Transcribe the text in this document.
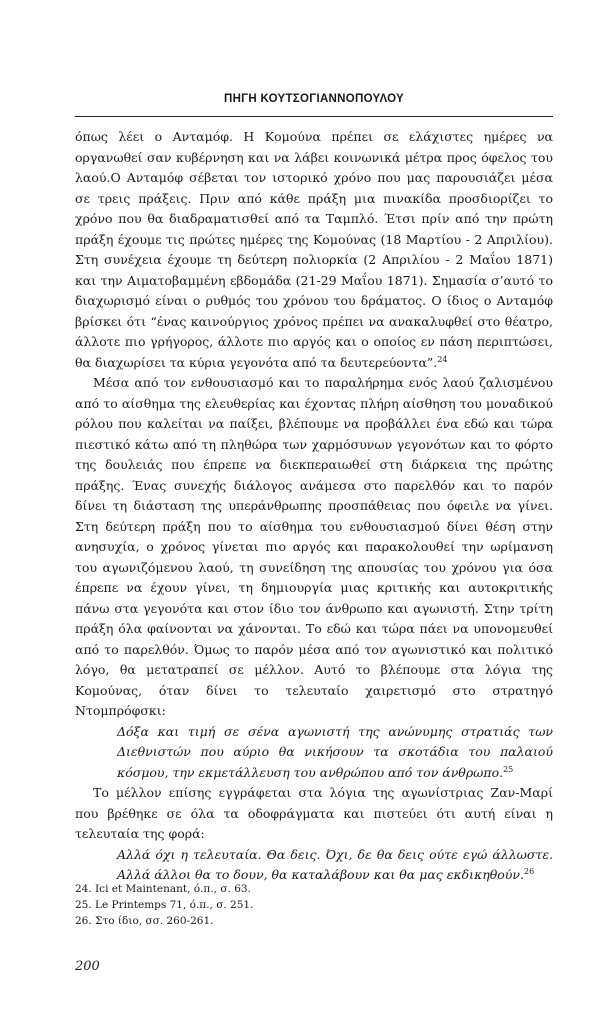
ΠΗΓΗ ΚΟΥΤΣΟΓΙΑΝΝΟΠΟΥΛΟΥ

όπως λέει ο Ανταμόφ. Η Κομούνα πρέπει σε ελάχιστες ημέρες να οργανωθεί σαν κυβέρνηση και να λάβει κοινωνικά μέτρα προς όφελος του λαού.Ο Ανταμόφ σέβεται τον ιστορικό χρόνο που μας παρουσιάζει μέσα σε τρεις πράξεις. Πριν από κάθε πράξη μια πινακίδα προσδιορίζει το χρόνο που θα διαδραματισθεί από τα Ταμπλό. Έτσι πρίν από την πρώτη πράξη έχουμε τις πρώτες ημέρες της Κομούνας (18 Μαρτίου - 2 Απριλίου). Στη συνέχεια έχουμε τη δεύτερη πολιορκία (2 Απριλίου - 2 Μαΐου 1871) και την Αιματοβαμμένη εβδομάδα (21-29 Μαΐου 1871). Σημασία σ’αυτό το διαχωρισμό είναι ο ρυθμός του χρόνου του δράματος. Ο ίδιος ο Ανταμόφ βρίσκει ότι “ένας καινούργιος χρόνος πρέπει να ανακαλυφθεί στο θέατρο, άλλοτε πιο γρήγορος, άλλοτε πιο αργός και ο οποίος εν πάση περιπτώσει, θα διαχωρίσει τα κύρια γεγονότα από τα δευτερεύοντα”.$^{24}$

Μέσα από τον ενθουσιασμό και το παραλήρημα ενός λαού ζαλισμένου από το αίσθημα της ελευθερίας και έχοντας πλήρη αίσθηση του μοναδικού ρόλου που καλείται να παίξει, βλέπουμε να προβάλλει ένα εδώ και τώρα πιεστικό κάτω από τη πληθώρα των χαρμόσυνων γεγονότων και το φόρτο της δουλειάς που έπρεπε να διεκπεραιωθεί στη διάρκεια της πρώτης πράξης. Ένας συνεχής διάλογος ανάμεσα στο παρελθόν και το παρόν δίνει τη διάσταση της υπεράνθρωπης προσπάθειας που όφειλε να γίνει. Στη δεύτερη πράξη που το αίσθημα του ενθουσιασμού δίνει θέση στην ανησυχία, ο χρόνος γίνεται πιο αργός και παρακολουθεί την ωρίμανση του αγωνιζόμενου λαού, τη συνείδηση της απουσίας του χρόνου για όσα έπρεπε να έχουν γίνει, τη δημιουργία μιας κριτικής και αυτοκριτικής πάνω στα γεγονότα και στον ίδιο τον άνθρωπο και αγωνιστή. Στην τρίτη πράξη όλα φαίνονται να χάνονται. Το εδώ και τώρα πάει να υπονομευθεί από το παρελθόν. Όμως το παρόν μέσα από τον αγωνιστικό και πολιτικό λόγο, θα μετατραπεί σε μέλλον. Αυτό το βλέπουμε στα λόγια της Κομούνας, όταν δίνει το τελευταίο χαιρετισμό στο στρατηγό Ντομπρόφσκι:

Δόξα και τιμή σε σένα αγωνιστή της ανώνυμης στρατιάς των Διεθνιστών που αύριο θα νικήσουν τα σκοτάδια του παλαιού κόσμου, την εκμετάλλευση του ανθρώπου από τον άνθρωπο.$^{25}$

Το μέλλον επίσης εγγράφεται στα λόγια της αγωνίστριας Ζαν-Μαρί που βρέθηκε σε όλα τα οδοφράγματα και πιστεύει ότι αυτή είναι η τελευταία της φορά:

Αλλά όχι η τελευταία. Θα δεις. Όχι, δε θα δεις ούτε εγώ άλλωστε. Αλλά άλλοι θα το δουν, θα καταλάβουν και θα μας εκδικηθούν.$^{26}$

24. Ici et Maintenant, ό.π., σ. 63.

25. Le Printemps 71, ό.π., σ. 251.

26. Στο ίδιο, σσ. 260-261.

200
